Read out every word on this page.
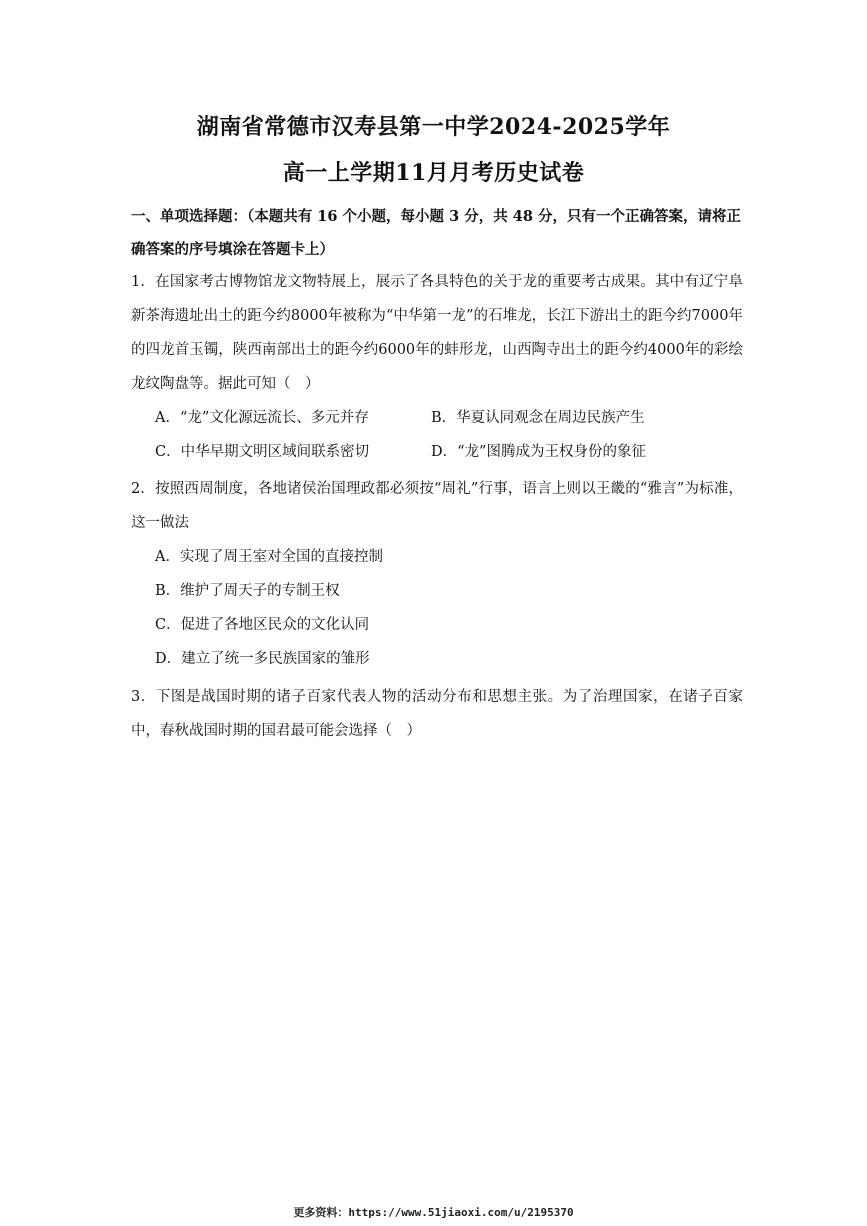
湖南省常德市汉寿县第一中学2024-2025学年
高一上学期11月月考历史试卷
一、单项选择题：（本题共有 16 个小题，每小题 3 分，共 48 分，只有一个正确答案，请将正确答案的序号填涂在答题卡上）
1．在国家考古博物馆龙文物特展上，展示了各具特色的关于龙的重要考古成果。其中有辽宁阜新茶海遗址出土的距今约8000年被称为“中华第一龙”的石堆龙，长江下游出土的距今约7000年的四龙首玉镯，陕西南部出土的距今约6000年的蚌形龙，山西陶寺出土的距今约4000年的彩绘龙纹陶盘等。据此可知（　）
A．“龙”文化源远流长、多元并存	B．华夏认同观念在周边民族产生
C．中华早期文明区域间联系密切	D．“龙”图腾成为王权身份的象征
2．按照西周制度，各地诸侯治国理政都必须按“周礼”行事，语言上则以王畿的“雅言”为标准，这一做法
A．实现了周王室对全国的直接控制
B．维护了周天子的专制王权
C．促进了各地区民众的文化认同
D．建立了统一多民族国家的雏形
3．下图是战国时期的诸子百家代表人物的活动分布和思想主张。为了治理国家，在诸子百家中，春秋战国时期的国君最可能会选择（　）
更多资料：https://www.51jiaoxi.com/u/2195370
